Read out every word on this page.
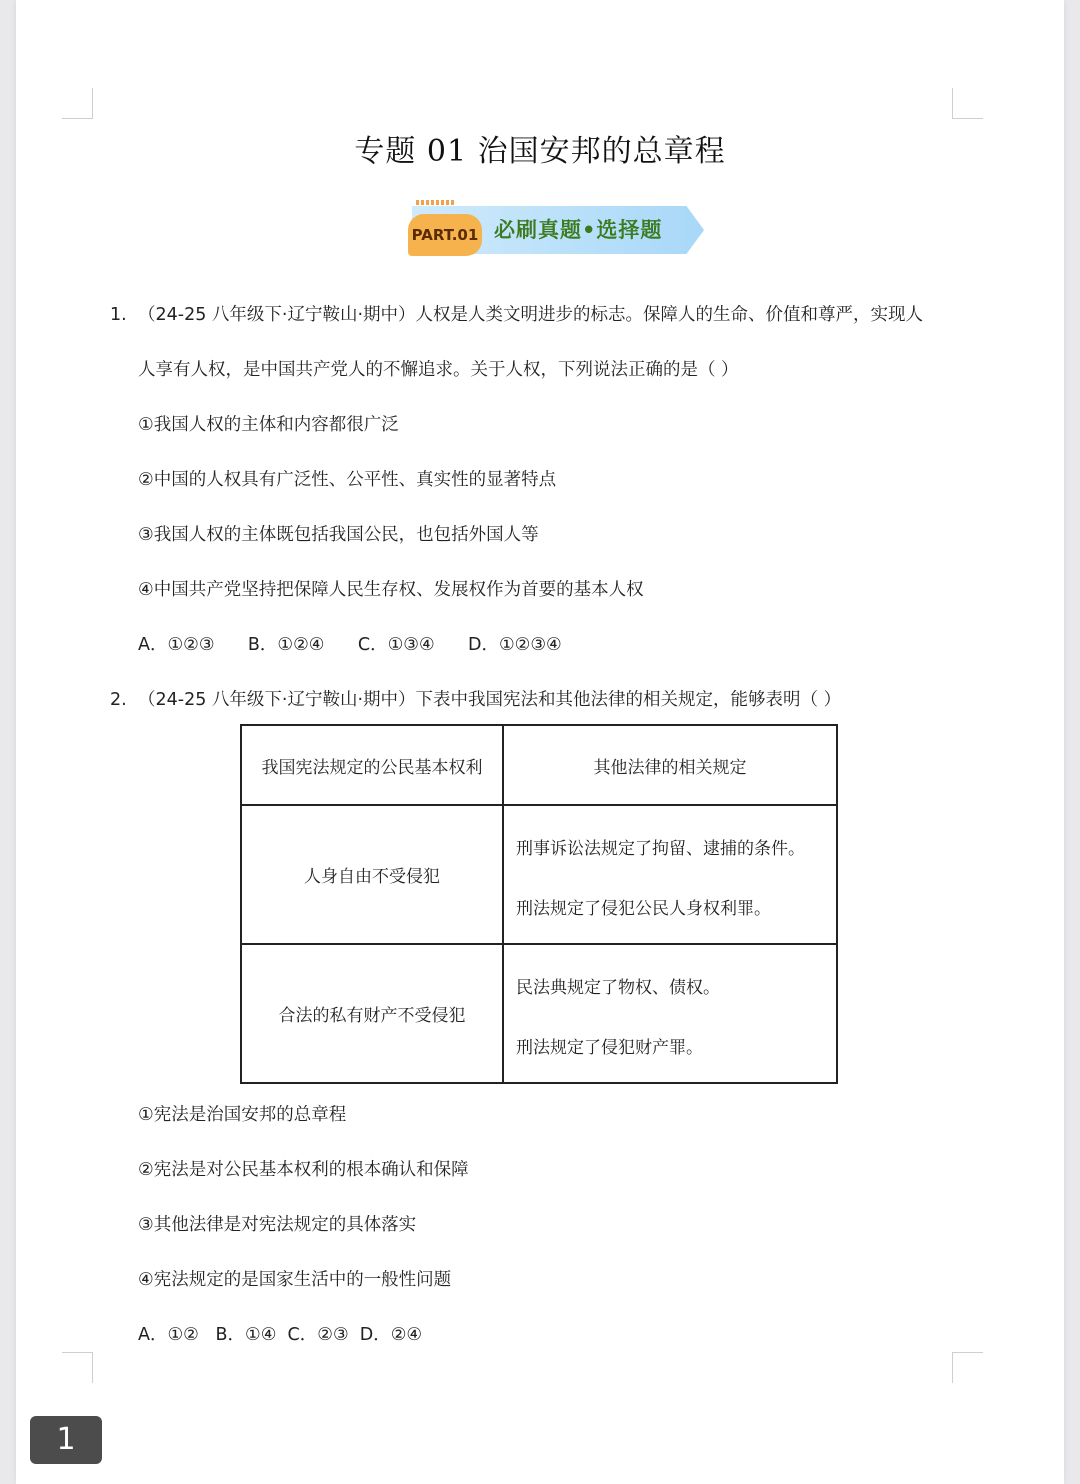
专题 01 治国安邦的总章程
PART.01 必刷真题•选择题
1. （24-25 八年级下·辽宁鞍山·期中）人权是人类文明进步的标志。保障人的生命、价值和尊严，实现人
人享有人权，是中国共产党人的不懈追求。关于人权，下列说法正确的是（ ）
①我国人权的主体和内容都很广泛
②中国的人权具有广泛性、公平性、真实性的显著特点
③我国人权的主体既包括我国公民，也包括外国人等
④中国共产党坚持把保障人民生存权、发展权作为首要的基本人权
A．①②③      B．①②④      C．①③④      D．①②③④
2. （24-25 八年级下·辽宁鞍山·期中）下表中我国宪法和其他法律的相关规定，能够表明（ ）
我国宪法规定的公民基本权利	其他法律的相关规定
人身自由不受侵犯	刑事诉讼法规定了拘留、逮捕的条件。

刑法规定了侵犯公民人身权利罪。

合法的私有财产不受侵犯	民法典规定了物权、债权。

刑法规定了侵犯财产罪。

①宪法是治国安邦的总章程
②宪法是对公民基本权利的根本确认和保障
③其他法律是对宪法规定的具体落实
④宪法规定的是国家生活中的一般性问题
A．①②   B．①④  C．②③  D．②④
1
